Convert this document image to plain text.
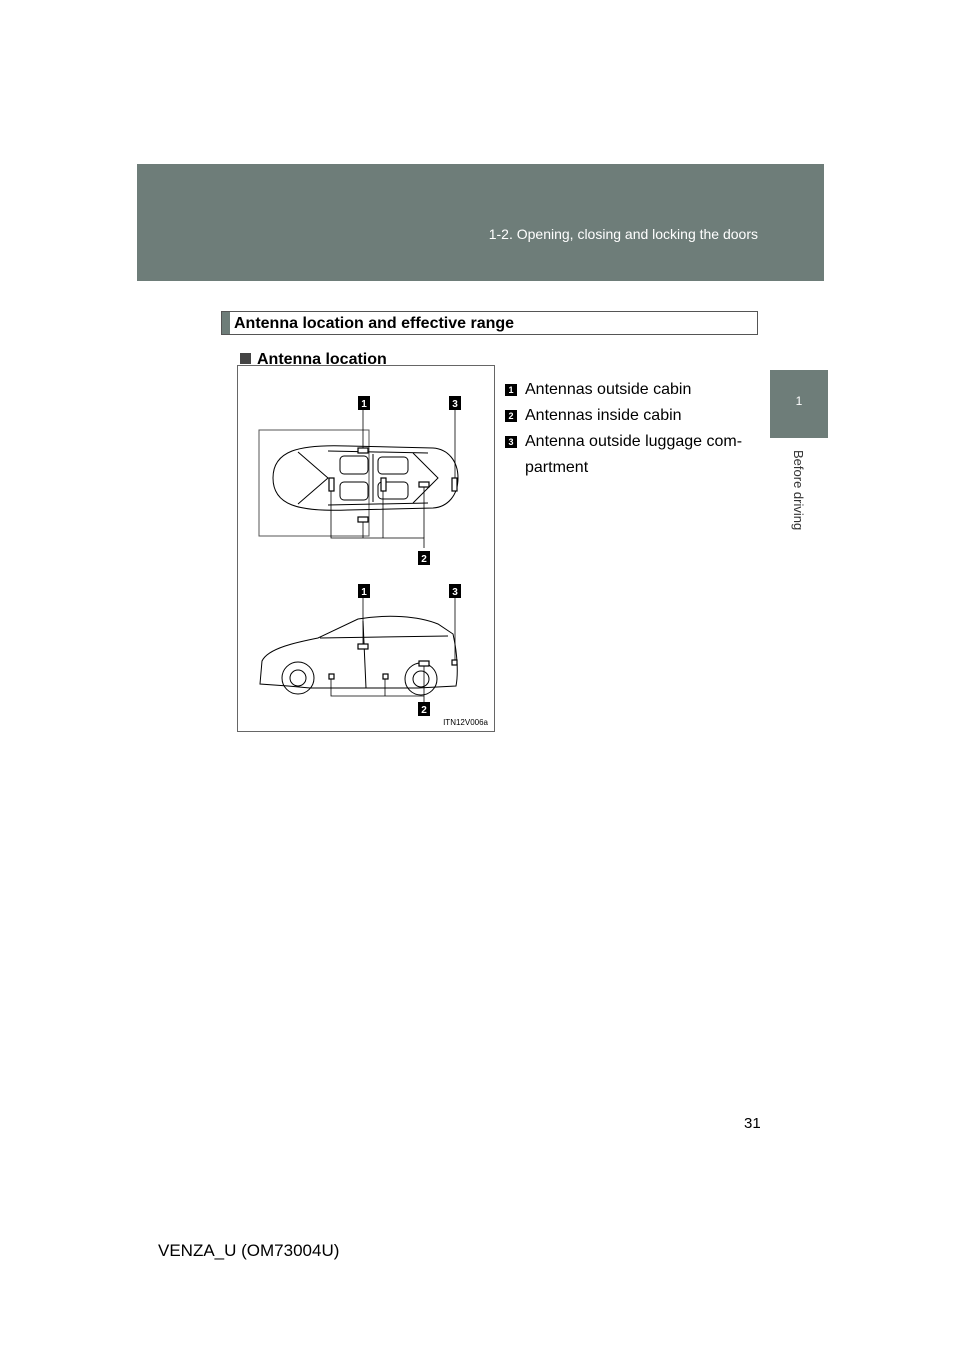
1-2. Opening, closing and locking the doors
1
Before driving
Antenna location and effective range
Antenna location
1 Antennas outside cabin
2 Antennas inside cabin
3 Antenna outside luggage com-
partment
1	3
2
1	3
2
ITN12V006a
31
VENZA_U (OM73004U)
